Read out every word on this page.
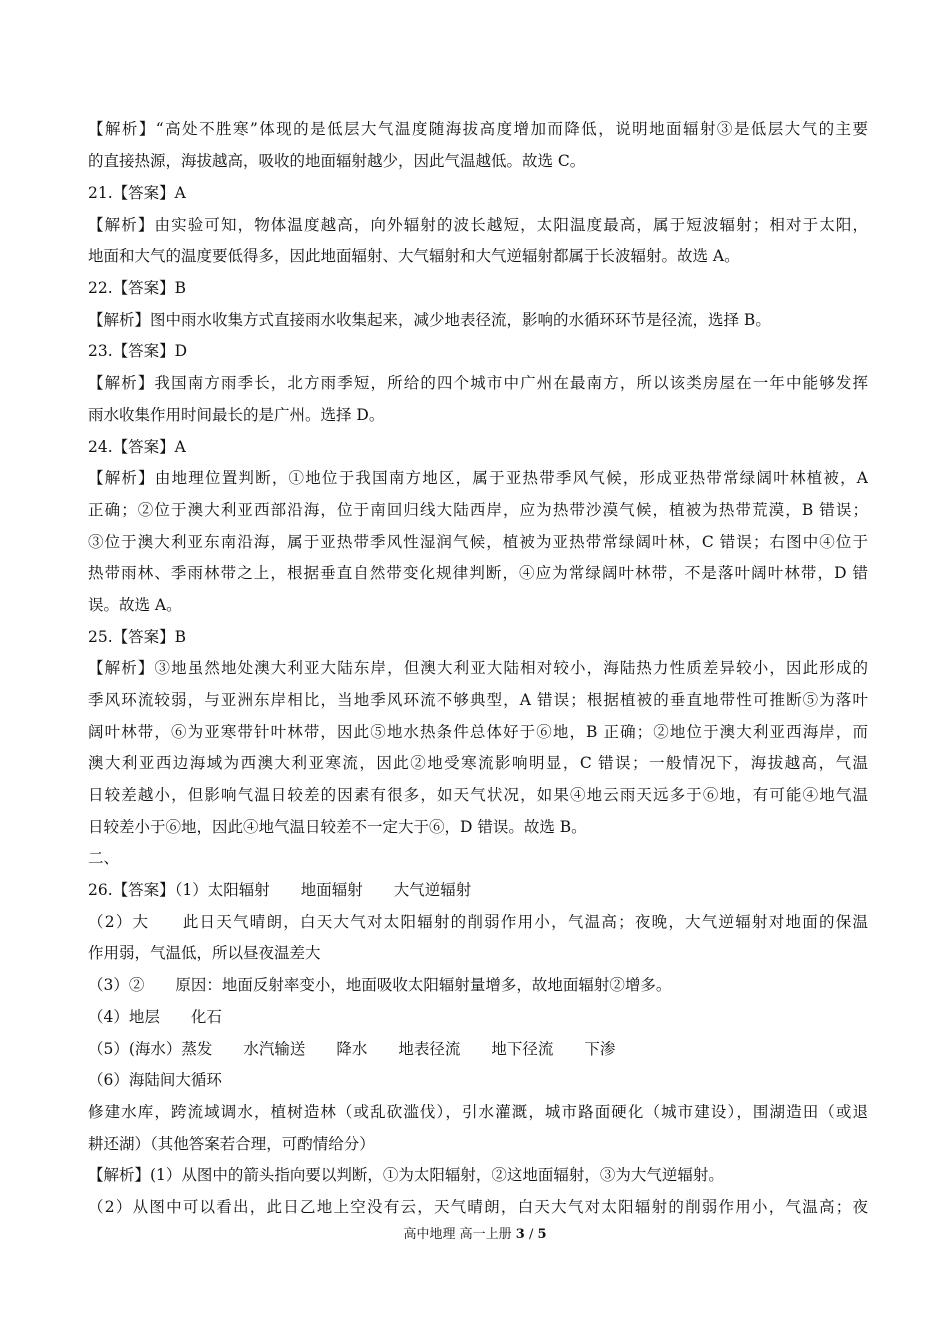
【解析】“高处不胜寒”体现的是低层大气温度随海拔高度增加而降低，说明地面辐射③是低层大气的主要
的直接热源，海拔越高，吸收的地面辐射越少，因此气温越低。故选 C。
21.【答案】A
【解析】由实验可知，物体温度越高，向外辐射的波长越短，太阳温度最高，属于短波辐射；相对于太阳，
地面和大气的温度要低得多，因此地面辐射、大气辐射和大气逆辐射都属于长波辐射。故选 A。
22.【答案】B
【解析】图中雨水收集方式直接雨水收集起来，减少地表径流，影响的水循环环节是径流，选择 B。
23.【答案】D
【解析】我国南方雨季长，北方雨季短，所给的四个城市中广州在最南方，所以该类房屋在一年中能够发挥
雨水收集作用时间最长的是广州。选择 D。
24.【答案】A
【解析】由地理位置判断，①地位于我国南方地区，属于亚热带季风气候，形成亚热带常绿阔叶林植被，A
正确；②位于澳大利亚西部沿海，位于南回归线大陆西岸，应为热带沙漠气候，植被为热带荒漠，B 错误；
③位于澳大利亚东南沿海，属于亚热带季风性湿润气候，植被为亚热带常绿阔叶林，C 错误；右图中④位于
热带雨林、季雨林带之上，根据垂直自然带变化规律判断，④应为常绿阔叶林带，不是落叶阔叶林带，D 错
误。故选 A。
25.【答案】B
【解析】③地虽然地处澳大利亚大陆东岸，但澳大利亚大陆相对较小，海陆热力性质差异较小，因此形成的
季风环流较弱，与亚洲东岸相比，当地季风环流不够典型，A 错误；根据植被的垂直地带性可推断⑤为落叶
阔叶林带，⑥为亚寒带针叶林带，因此⑤地水热条件总体好于⑥地，B 正确；②地位于澳大利亚西海岸，而
澳大利亚西边海域为西澳大利亚寒流，因此②地受寒流影响明显，C 错误；一般情况下，海拔越高，气温
日较差越小，但影响气温日较差的因素有很多，如天气状况，如果④地云雨天远多于⑥地，有可能④地气温
日较差小于⑥地，因此④地气温日较差不一定大于⑥，D 错误。故选 B。
二、
26.【答案】（1）太阳辐射　　地面辐射　　大气逆辐射
（2）大　　此日天气晴朗，白天大气对太阳辐射的削弱作用小，气温高；夜晚，大气逆辐射对地面的保温
作用弱，气温低，所以昼夜温差大
（3）②　　原因：地面反射率变小，地面吸收太阳辐射量增多，故地面辐射②增多。
（4）地层　　化石
（5）(海水）蒸发　　水汽输送　　降水　　地表径流　　地下径流　　下渗
（6）海陆间大循环
修建水库，跨流域调水，植树造林（或乱砍滥伐），引水灌溉，城市路面硬化（城市建设），围湖造田（或退
耕还湖）（其他答案若合理，可酌情给分）
【解析】(1）从图中的箭头指向要以判断，①为太阳辐射，②这地面辐射，③为大气逆辐射。
（2）从图中可以看出，此日乙地上空没有云，天气晴朗，白天大气对太阳辐射的削弱作用小，气温高；夜
高中地理 高一上册 3 / 5
